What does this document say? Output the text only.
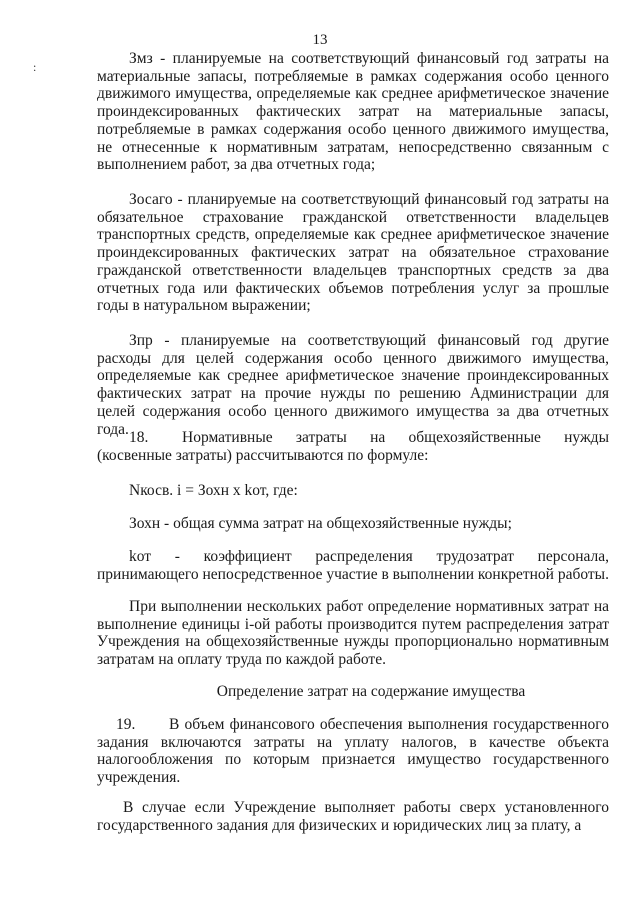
13
:	Змз - планируемые на соответствующий финансовый год затраты на материальные запасы, потребляемые в рамках содержания особо ценного движимого имущества, определяемые как среднее арифметическое значение проиндексированных фактических затрат на материальные запасы, потребляемые в рамках содержания особо ценного движимого имущества, не отнесенные к нормативным затратам, непосредственно связанным с выполнением работ, за два отчетных года;

Зосаго - планируемые на соответствующий финансовый год затраты на обязательное страхование гражданской ответственности владельцев транспортных средств, определяемые как среднее арифметическое значение проиндексированных фактических затрат на обязательное страхование гражданской ответственности владельцев транспортных средств за два отчетных года или фактических объемов потребления услуг за прошлые годы в натуральном выражении;

Зпр - планируемые на соответствующий финансовый год другие расходы для целей содержания особо ценного движимого имущества, определяемые как среднее арифметическое значение проиндексированных фактических затрат на прочие нужды по решению Администрации для целей содержания особо ценного движимого имущества за два отчетных года. 18. Нормативные затраты на общехозяйственные нужды (косвенные затраты) рассчитываются по формуле:

Nкосв. i = Зохн x kот, где:

Зохн - общая сумма затрат на общехозяйственные нужды;

kот - коэффициент распределения трудозатрат персонала, принимающего непосредственное участие в выполнении конкретной работы.

При выполнении нескольких работ определение нормативных затрат на выполнение единицы i-ой работы производится путем распределения затрат Учреждения на общехозяйственные нужды пропорционально нормативным затратам на оплату труда по каждой работе.

Определение затрат на содержание имущества

19. В объем финансового обеспечения выполнения государственного задания включаются затраты на уплату налогов, в качестве объекта налогообложения по которым признается имущество государственного учреждения.

В случае если Учреждение выполняет работы сверх установленного государственного задания для физических и юридических лиц за плату, а
